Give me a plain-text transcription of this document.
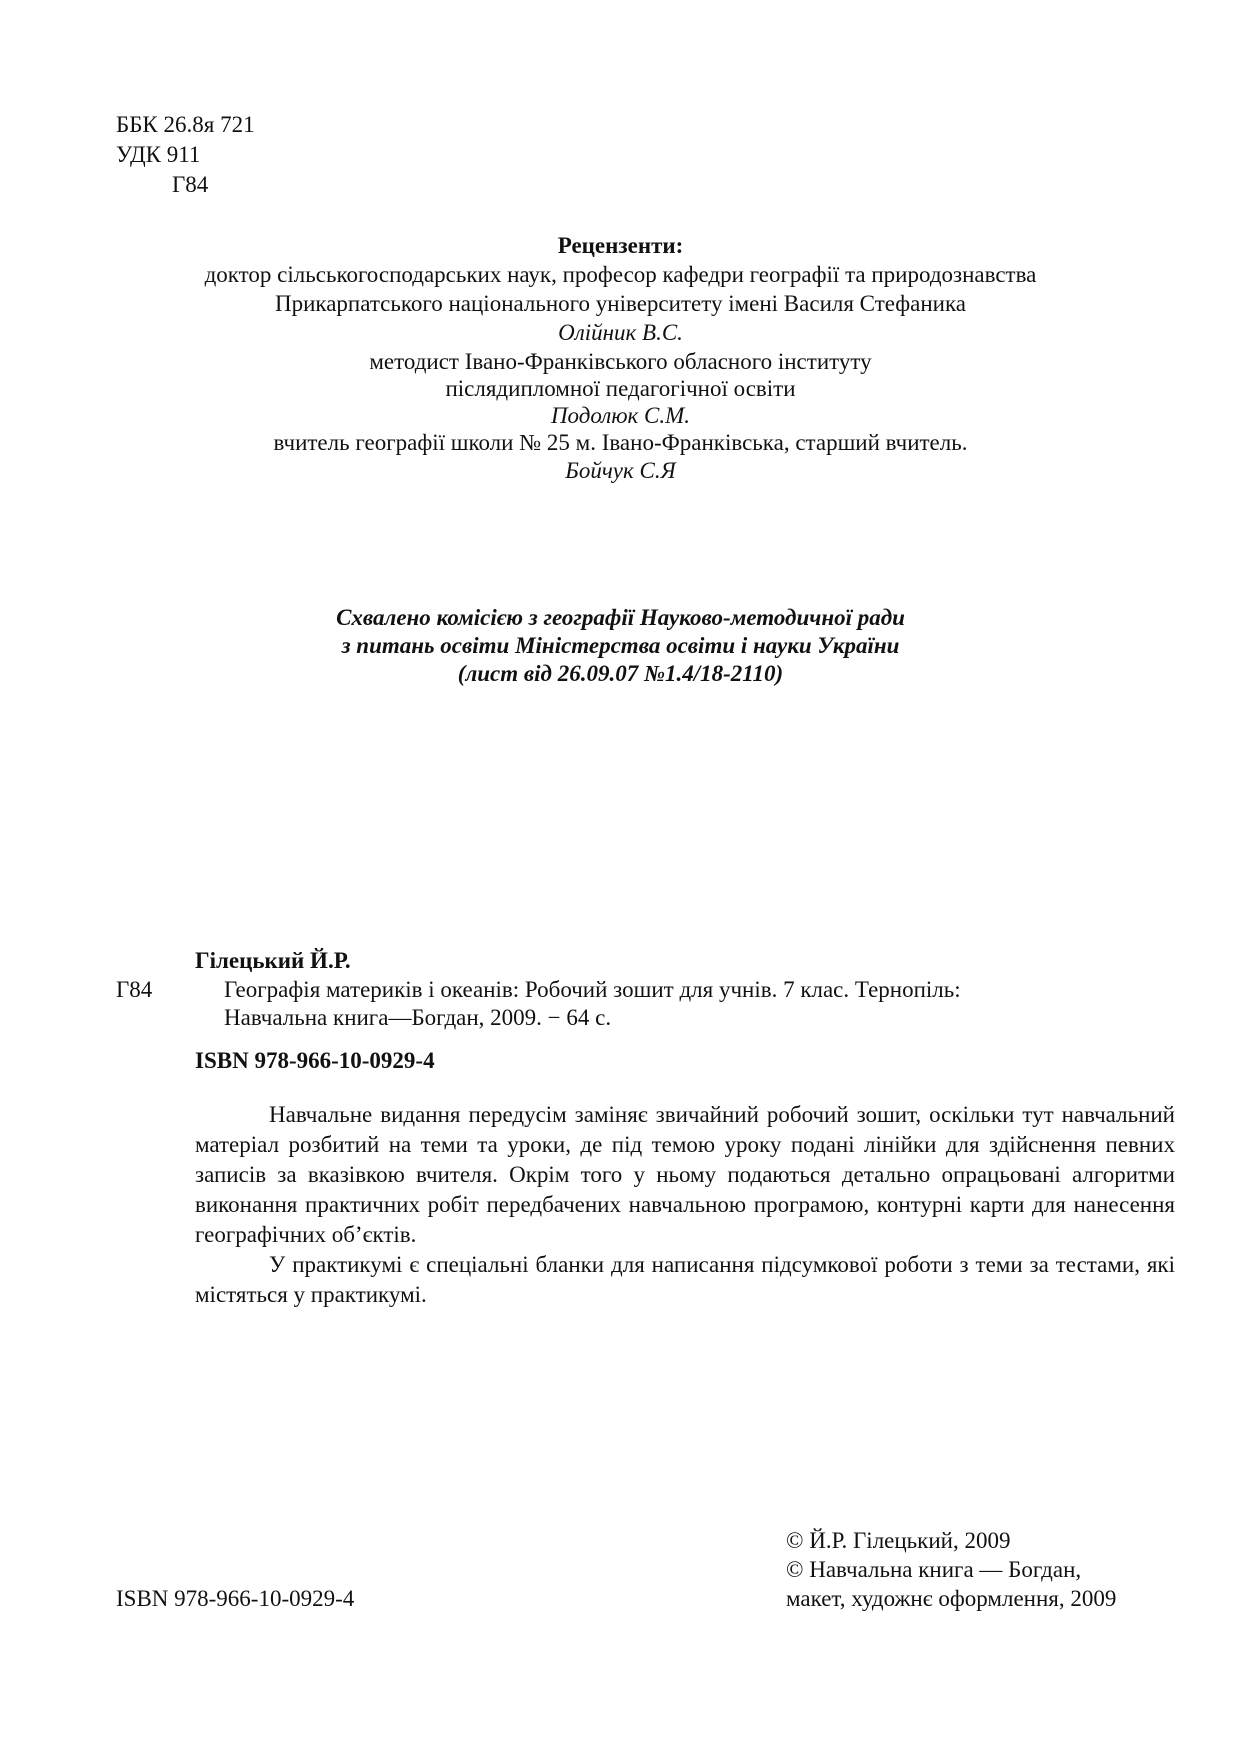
ББК 26.8я 721
УДК 911
Г84
Рецензенти:
доктор сільськогосподарських наук, професор кафедри географії та природознавства
Прикарпатського національного університету імені Василя Стефаника
Олійник В.С.
методист Івано-Франківського обласного інституту
післядипломної педагогічної освіти
Подолюк С.М.
вчитель географії школи № 25 м. Івано-Франківська, старший вчитель.
Бойчук С.Я
Схвалено комісією з географії Науково-методичної ради
з питань освіти Міністерства освіти і науки України
(лист від 26.09.07 №1.4/18-2110)
Гілецький Й.Р.
Г84	Географія материків і океанів: Робочий зошит для учнів. 7 клас. Тернопіль:
Навчальна книга—Богдан, 2009. − 64 с.
ISBN 978-966-10-0929-4

Навчальне видання передусім заміняє звичайний робочий зошит, оскільки тут навчальний матеріал розбитий на теми та уроки, де під темою уроку подані лінійки для здійснення певних записів за вказівкою вчителя. Окрім того у ньому подаються детально опрацьовані алгоритми виконання практичних робіт передбачених навчальною програмою, контурні карти для нанесення географічних об’єктів.

У практикумі є спеціальні бланки для написання підсумкової роботи з теми за тестами, які містяться у практикумі.

ISBN 978-966-10-0929-4
© Й.Р. Гілецький, 2009
© Навчальна книга — Богдан,
макет, художнє оформлення, 2009
